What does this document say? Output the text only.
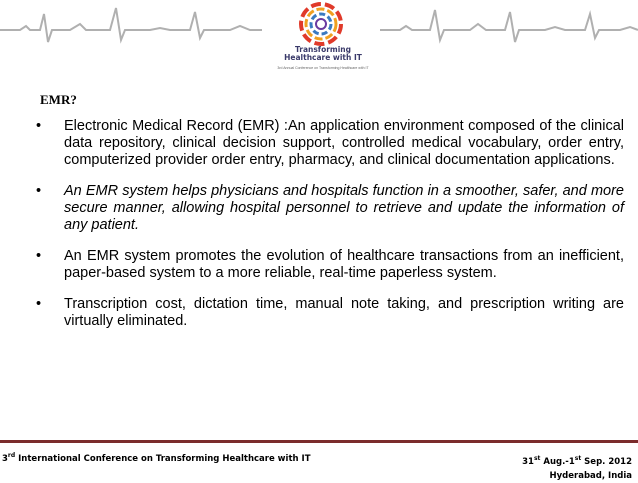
Transforming
Healthcare with IT
3rd Annual Conference on Transforming Healthcare with IT
EMR?
•	Electronic Medical Record (EMR) :An application environment composed of the clinical data repository, clinical decision support, controlled medical vocabulary, order entry, computerized provider order entry, pharmacy, and clinical documentation applications.
•	An EMR system helps physicians and hospitals function in a smoother, safer, and more secure manner, allowing hospital personnel to retrieve and update the information of any patient.
•	An EMR system promotes the evolution of healthcare transactions from an inefficient, paper-based system to a more reliable, real-time paperless system.
•	Transcription cost, dictation time, manual note taking, and prescription writing are virtually eliminated.
3rd International Conference on Transforming Healthcare with IT	31st Aug.-1st Sep. 2012
Hyderabad, India
